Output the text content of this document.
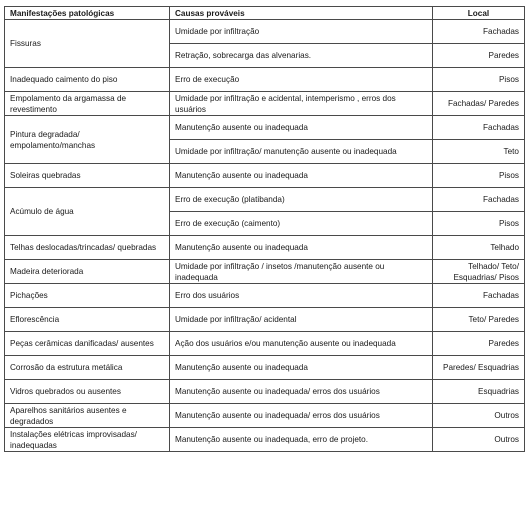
Manifestações patológicas	Causas prováveis	Local
Fissuras	Umidade por infiltração	Fachadas
	Retração, sobrecarga das alvenarias.	Paredes
Inadequado caimento do piso	Erro de execução	Pisos
Empolamento da argamassa de revestimento	Umidade por infiltração e acidental, intemperismo , erros dos usuários	Fachadas/ Paredes
Pintura degradada/ empolamento/manchas	Manutenção ausente ou inadequada	Fachadas
	Umidade por infiltração/ manutenção ausente ou inadequada	Teto
Soleiras quebradas	Manutenção ausente ou inadequada	Pisos
Acúmulo de água	Erro de execução (platibanda)	Fachadas
	Erro de execução (caimento)	Pisos
Telhas deslocadas/trincadas/ quebradas	Manutenção ausente ou inadequada	Telhado
Madeira deteriorada	Umidade por infiltração / insetos /manutenção ausente ou inadequada	Telhado/ Teto/ Esquadrias/ Pisos
Pichações	Erro dos usuários	Fachadas
Eflorescência	Umidade por infiltração/ acidental	Teto/ Paredes
Peças cerâmicas danificadas/ ausentes	Ação dos usuários e/ou manutenção ausente ou inadequada	Paredes
Corrosão da estrutura metálica	Manutenção ausente ou inadequada	Paredes/ Esquadrias
Vidros quebrados ou ausentes	Manutenção ausente ou inadequada/ erros dos usuários	Esquadrias
Aparelhos sanitários ausentes e degradados	Manutenção ausente ou inadequada/ erros dos usuários	Outros
Instalações elétricas improvisadas/ inadequadas	Manutenção ausente ou inadequada, erro de projeto.	Outros
